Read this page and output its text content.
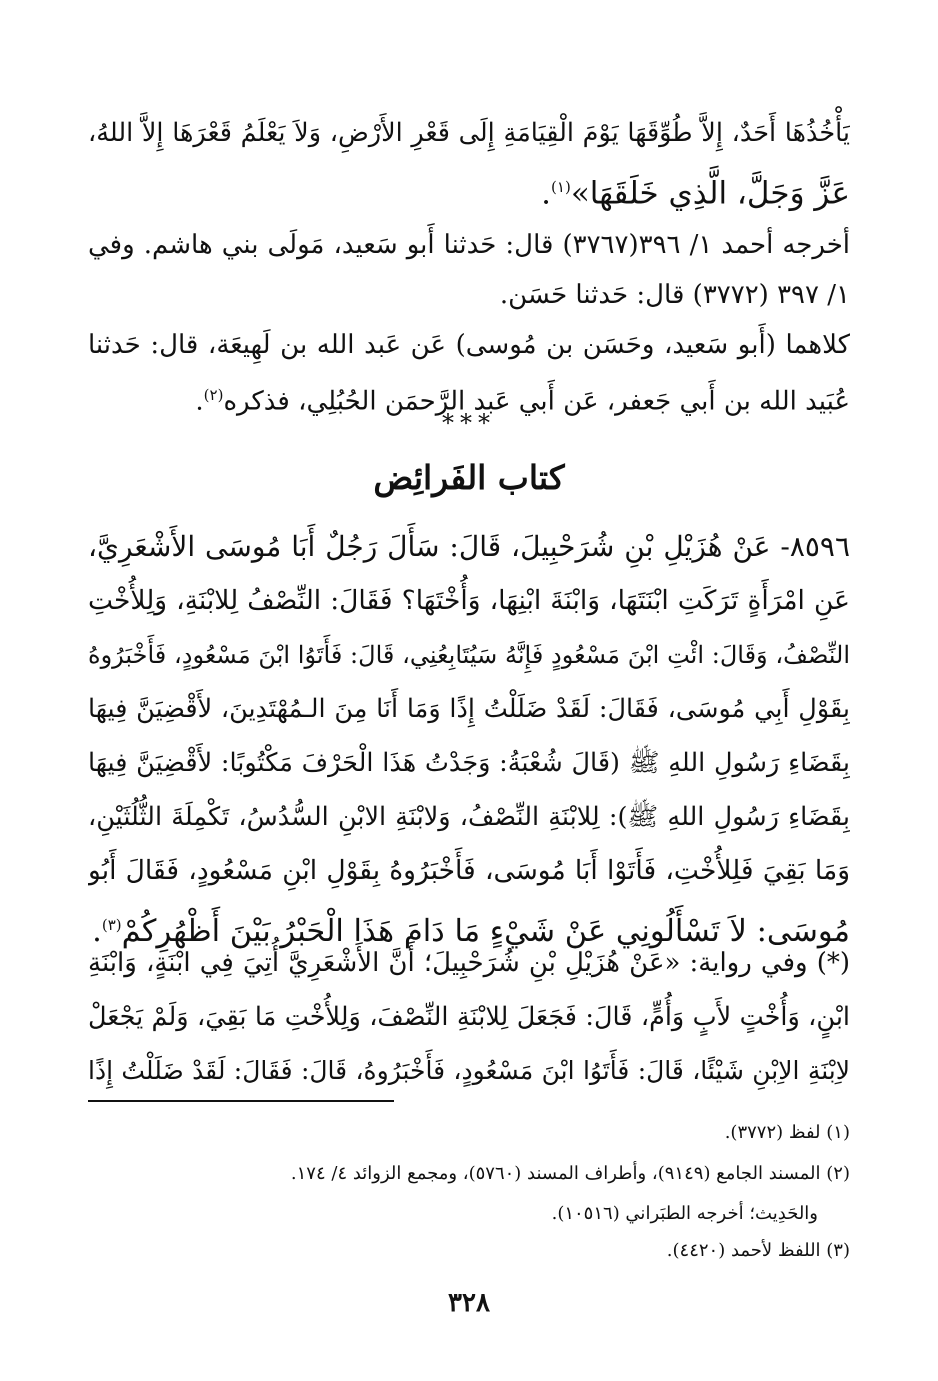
يَأْخُذُهَا أَحَدٌ، إِلاَّ طُوِّقَهَا يَوْمَ الْقِيَامَةِ إِلَى قَعْرِ الأَرْضِ، وَلاَ يَعْلَمُ قَعْرَهَا إِلاَّ اللهُ،
عَزَّ وَجَلَّ، الَّذِي خَلَقَهَا»$^{(١)}$.
أخرجه أحمد ١/ ٣٩٦(٣٧٦٧) قال: حَدثنا أَبو سَعيد، مَولَى بني هاشم. وفي
١/ ٣٩٧ (٣٧٧٢) قال: حَدثنا حَسَن.
كلاهما (أَبو سَعيد، وحَسَن بن مُوسى) عَن عَبد الله بن لَهِيعَة، قال: حَدثنا
عُبَيد الله بن أَبي جَعفر، عَن أَبي عَبد الرَّحمَن الحُبُلِي، فذكره$^{(٢)}$.
***
كتاب الفَرائِض
٨٥٩٦- عَنْ هُزَيْلِ بْنِ شُرَحْبِيلَ، قَالَ: سَأَلَ رَجُلٌ أَبَا مُوسَى الأَشْعَرِيَّ،
عَنِ امْرَأَةٍ تَرَكَتِ ابْنَتَهَا، وَابْنَةَ ابْنِهَا، وَأُخْتَهَا؟ فَقَالَ: النِّصْفُ لِلابْنَةِ، وَلِلأُخْتِ
النِّصْفُ، وَقَالَ: ائْتِ ابْنَ مَسْعُودٍ فَإِنَّهُ سَيُتَابِعُنِي، قَالَ: فَأَتَوُا ابْنَ مَسْعُودٍ، فَأَخْبَرُوهُ
بِقَوْلِ أَبِي مُوسَى، فَقَالَ: لَقَدْ ضَلَلْتُ إِذًا وَمَا أَنَا مِنَ الـمُهْتَدِينَ، لأَقْضِيَنَّ فِيهَا
بِقَضَاءِ رَسُولِ اللهِ ﷺ (قَالَ شُعْبَةُ: وَجَدْتُ هَذَا الْحَرْفَ مَكْتُوبًا: لأَقْضِيَنَّ فِيهَا
بِقَضَاءِ رَسُولِ اللهِ ﷺ): لِلابْنَةِ النِّصْفُ، وَلابْنَةِ الابْنِ السُّدُسُ، تَكْمِلَةَ الثُّلُثَيْنِ،
وَمَا بَقِيَ فَلِلأُخْتِ، فَأَتَوْا أَبَا مُوسَى، فَأَخْبَرُوهُ بِقَوْلِ ابْنِ مَسْعُودٍ، فَقَالَ أَبُو
مُوسَى: لاَ تَسْأَلُونِي عَنْ شَيْءٍ مَا دَامَ هَذَا الْحَبْرُ بَيْنَ أَظْهُرِكُمْ$^{(٣)}$.
(*) وفي رواية: «عَنْ هُزَيْلِ بْنِ شُرَحْبِيلَ؛ أَنَّ الأَشْعَرِيَّ أُتِيَ فِي ابْنَةٍ، وَابْنَةِ
ابْنٍ، وَأُخْتٍ لأَبٍ وَأُمٍّ، قَالَ: فَجَعَلَ لِلابْنَةِ النِّصْفَ، وَلِلأُخْتِ مَا بَقِيَ، وَلَمْ يَجْعَلْ
لاِبْنَةِ الاِبْنِ شَيْئًا، قَالَ: فَأَتَوُا ابْنَ مَسْعُودٍ، فَأَخْبَرُوهُ، قَالَ: فَقَالَ: لَقَدْ ضَلَلْتُ إِذًا
(١) لفظ (٣٧٧٢).
(٢) المسند الجامع (٩١٤٩)، وأطراف المسند (٥٧٦٠)، ومجمع الزوائد ٤/ ١٧٤.
والحَدِيث؛ أخرجه الطبَراني (١٠٥١٦).
(٣) اللفظ لأحمد (٤٤٢٠).
٣٢٨
